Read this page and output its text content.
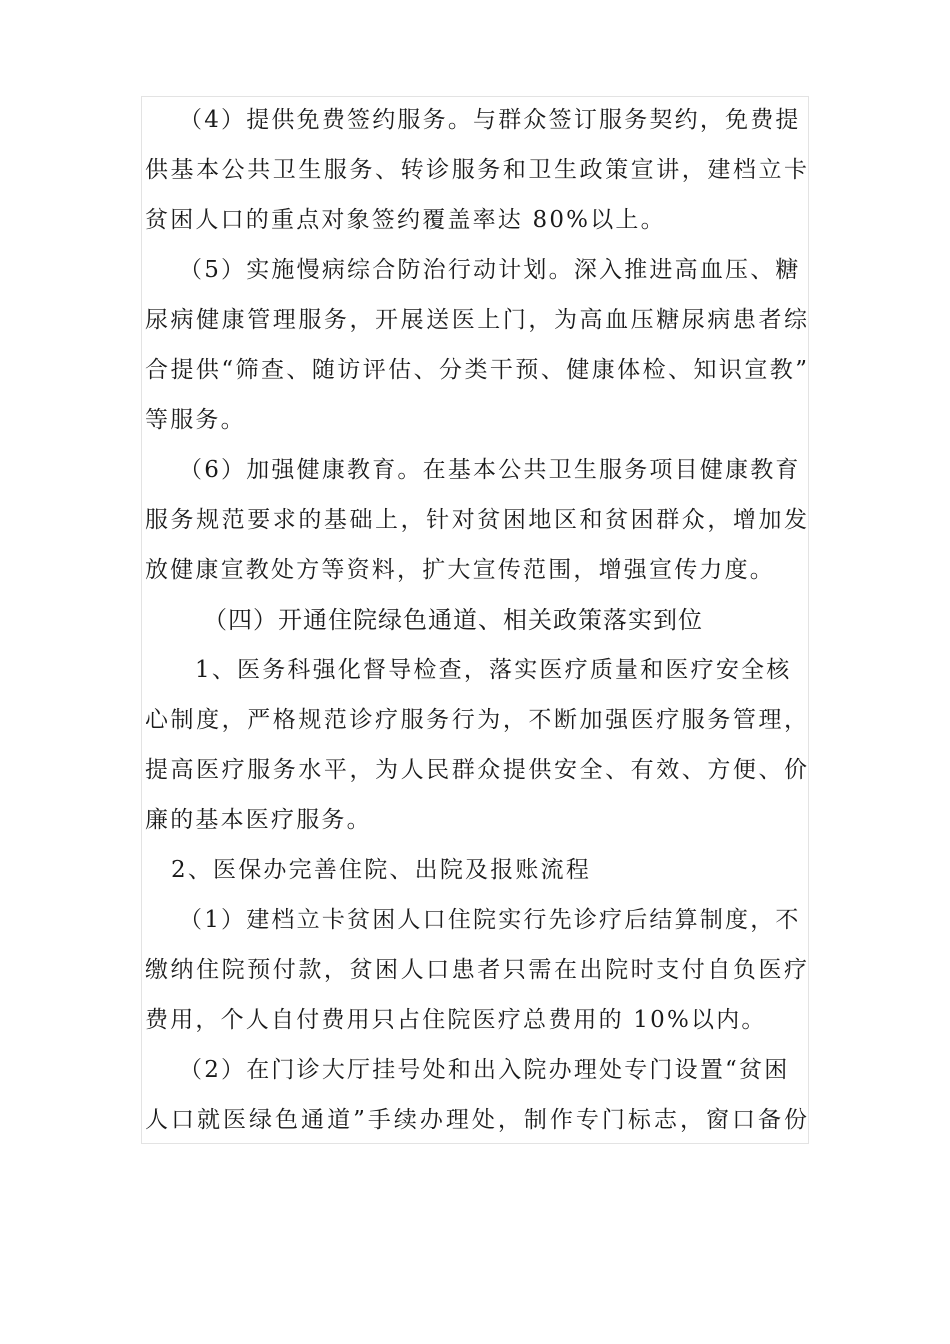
（4）提供免费签约服务。与群众签订服务契约，免费提
供基本公共卫生服务、转诊服务和卫生政策宣讲，建档立卡
贫困人口的重点对象签约覆盖率达 80%以上。
（5）实施慢病综合防治行动计划。深入推进高血压、糖
尿病健康管理服务，开展送医上门，为高血压糖尿病患者综
合提供“筛查、随访评估、分类干预、健康体检、知识宣教”
等服务。
（6）加强健康教育。在基本公共卫生服务项目健康教育
服务规范要求的基础上，针对贫困地区和贫困群众，增加发
放健康宣教处方等资料，扩大宣传范围，增强宣传力度。
（四）开通住院绿色通道、相关政策落实到位
1、医务科强化督导检查，落实医疗质量和医疗安全核
心制度，严格规范诊疗服务行为，不断加强医疗服务管理，
提高医疗服务水平，为人民群众提供安全、有效、方便、价
廉的基本医疗服务。
2、医保办完善住院、出院及报账流程
（1）建档立卡贫困人口住院实行先诊疗后结算制度，不
缴纳住院预付款，贫困人口患者只需在出院时支付自负医疗
费用，个人自付费用只占住院医疗总费用的 10%以内。
（2）在门诊大厅挂号处和出入院办理处专门设置“贫困
人口就医绿色通道”手续办理处，制作专门标志，窗口备份
